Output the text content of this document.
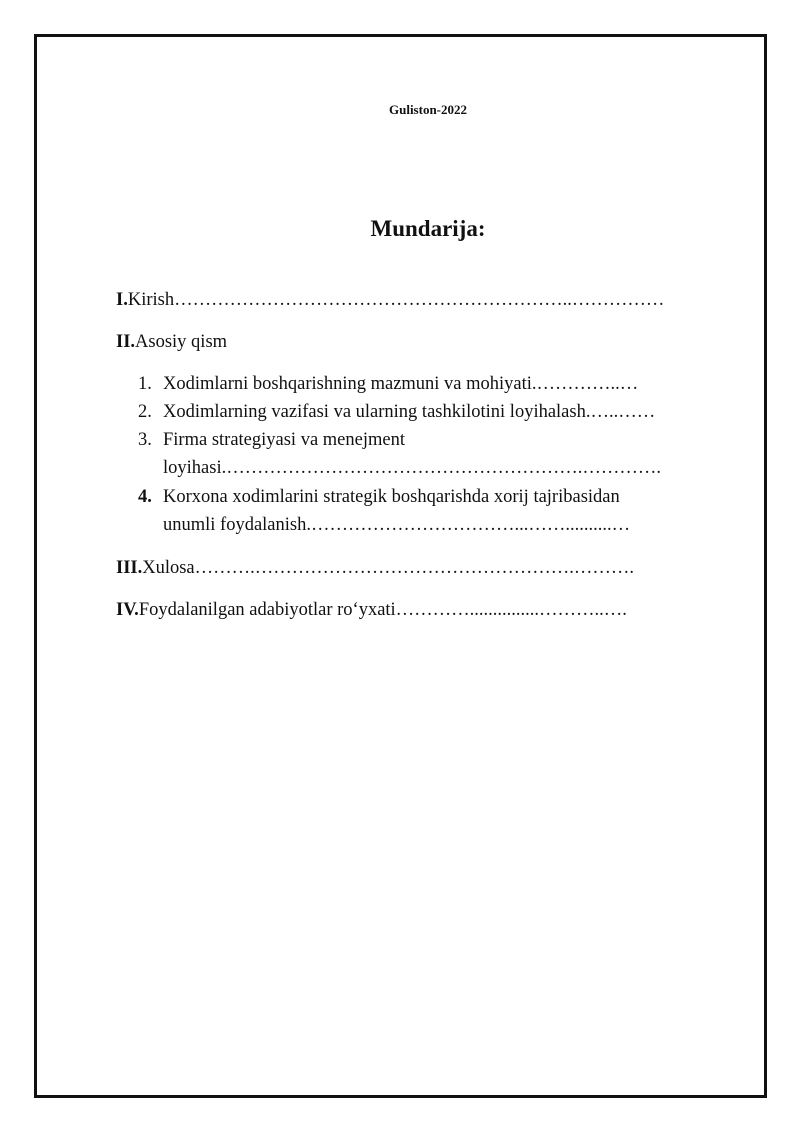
Guliston-2022
Mundarija:
I.Kirish………………………………………………………..……………
II.Asosiy qism
1. Xodimlarni boshqarishning mazmuni va mohiyati.…………..…
2. Xodimlarning vazifasi va ularning tashkilotini loyihalash.…..……
3. Firma strategiyasi va menejment
loyihasi.………………………………………………….………….
4. Korxona xodimlarini strategik boshqarishda xorij tajribasidan
unumli foydalanish.……………………………...……..........…
III.Xulosa……….…………………………………………….……….
IV.Foydalanilgan adabiyotlar ro‘yxati…………...............………..….
